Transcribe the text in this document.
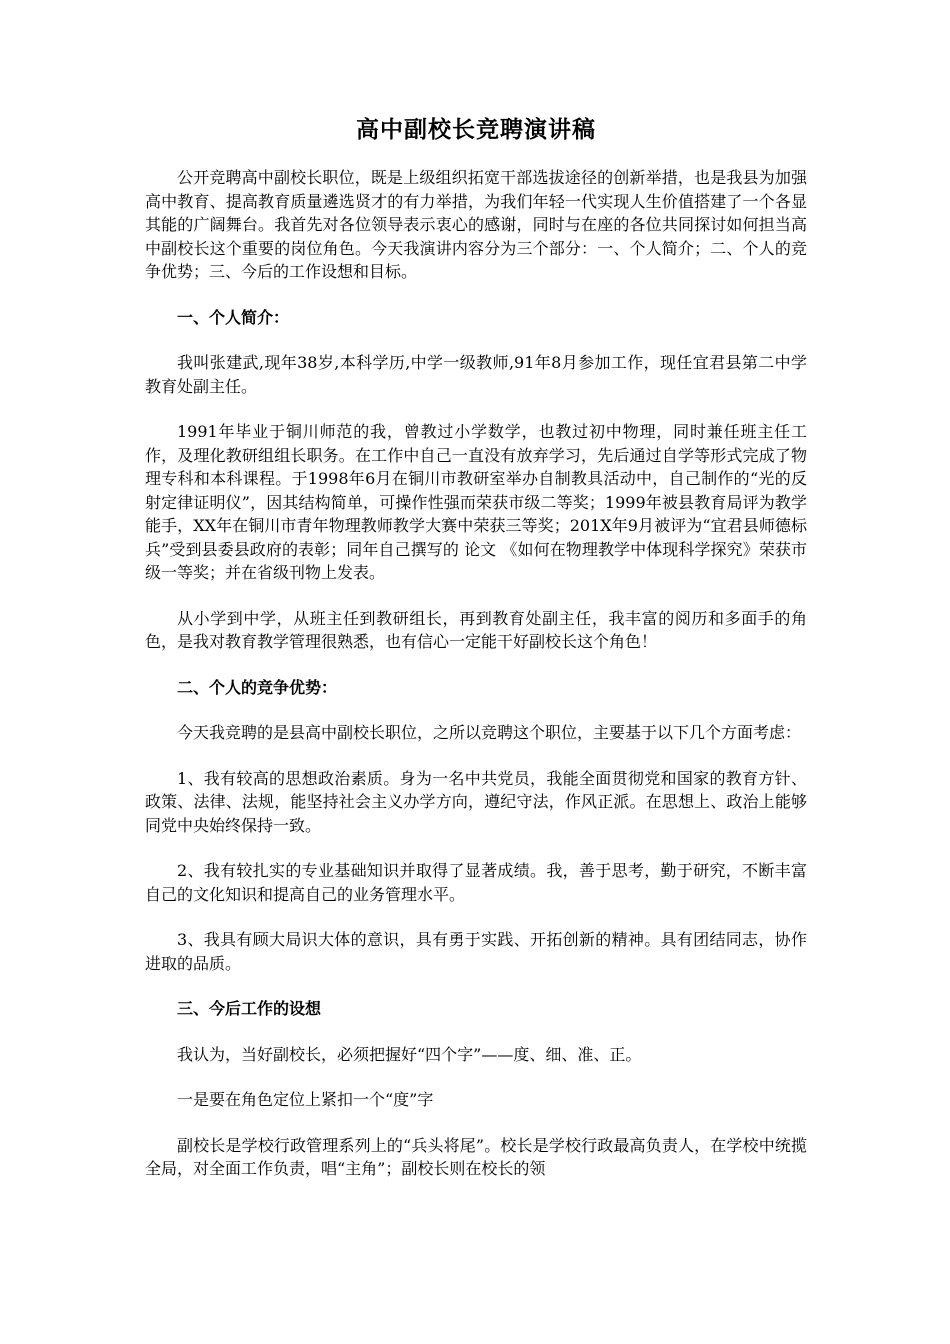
高中副校长竞聘演讲稿

公开竞聘高中副校长职位，既是上级组织拓宽干部选拔途径的创新举措，也是我县为加强高中教育、提高教育质量遴选贤才的有力举措，为我们年轻一代实现人生价值搭建了一个各显其能的广阔舞台。我首先对各位领导表示衷心的感谢，同时与在座的各位共同探讨如何担当高中副校长这个重要的岗位角色。今天我演讲内容分为三个部分：一、个人简介；二、个人的竞争优势；三、今后的工作设想和目标。

一、个人简介：

我叫张建武,现年38岁,本科学历,中学一级教师,91年8月参加工作，现任宜君县第二中学教育处副主任。

1991年毕业于铜川师范的我，曾教过小学数学，也教过初中物理，同时兼任班主任工作，及理化教研组组长职务。在工作中自己一直没有放弃学习，先后通过自学等形式完成了物理专科和本科课程。于1998年6月在铜川市教研室举办自制教具活动中，自己制作的“光的反射定律证明仪”，因其结构简单，可操作性强而荣获市级二等奖；1999年被县教育局评为教学能手，XX年在铜川市青年物理教师教学大赛中荣获三等奖；201X年9月被评为“宜君县师德标兵”受到县委县政府的表彰；同年自己撰写的 论文 《如何在物理教学中体现科学探究》荣获市级一等奖；并在省级刊物上发表。

从小学到中学，从班主任到教研组长，再到教育处副主任，我丰富的阅历和多面手的角色，是我对教育教学管理很熟悉，也有信心一定能干好副校长这个角色！

二、个人的竞争优势：

今天我竞聘的是县高中副校长职位，之所以竞聘这个职位，主要基于以下几个方面考虑：

1、我有较高的思想政治素质。身为一名中共党员，我能全面贯彻党和国家的教育方针、政策、法律、法规，能坚持社会主义办学方向，遵纪守法，作风正派。在思想上、政治上能够同党中央始终保持一致。

2、我有较扎实的专业基础知识并取得了显著成绩。我，善于思考，勤于研究，不断丰富自己的文化知识和提高自己的业务管理水平。

3、我具有顾大局识大体的意识，具有勇于实践、开拓创新的精神。具有团结同志，协作进取的品质。

三、今后工作的设想

我认为，当好副校长，必须把握好“四个字”——度、细、准、正。

一是要在角色定位上紧扣一个“度”字

副校长是学校行政管理系列上的“兵头将尾”。校长是学校行政最高负责人，在学校中统揽全局，对全面工作负责，唱“主角”；副校长则在校长的领
